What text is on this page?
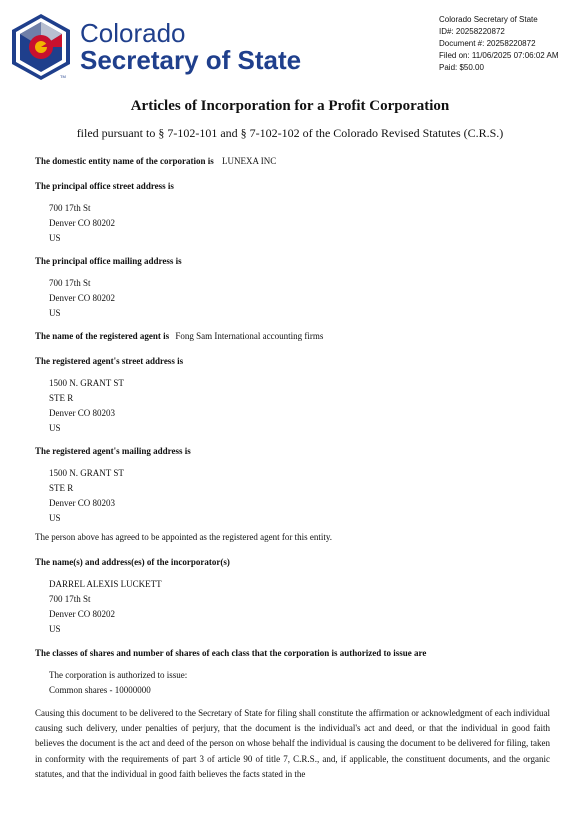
TM
Colorado
Secretary of State
Colorado Secretary of State
ID#: 20258220872
Document #: 20258220872
Filed on: 11/06/2025 07:06:02 AM
Paid: $50.00
Articles of Incorporation for a Profit Corporation
filed pursuant to § 7-102-101 and § 7-102-102 of the Colorado Revised Statutes (C.R.S.)
The domestic entity name of the corporation is LUNEXA INC
The principal office street address is
700 17th St
Denver CO 80202
US
The principal office mailing address is
700 17th St
Denver CO 80202
US
The name of the registered agent is Fong Sam International accounting firms
The registered agent's street address is
1500 N. GRANT ST
STE R
Denver CO 80203
US
The registered agent's mailing address is
1500 N. GRANT ST
STE R
Denver CO 80203
US
The person above has agreed to be appointed as the registered agent for this entity.
The name(s) and address(es) of the incorporator(s)
DARREL ALEXIS LUCKETT
700 17th St
Denver CO 80202
US
The classes of shares and number of shares of each class that the corporation is authorized to issue are
The corporation is authorized to issue:
Common shares - 10000000
Causing this document to be delivered to the Secretary of State for filing shall constitute the affirmation or acknowledgment of each individual causing such delivery, under penalties of perjury, that the document is the individual's act and deed, or that the individual in good faith believes the document is the act and deed of the person on whose behalf the individual is causing the document to be delivered for filing, taken in conformity with the requirements of part 3 of article 90 of title 7, C.R.S., and, if applicable, the constituent documents, and the organic statutes, and that the individual in good faith believes the facts stated in the
